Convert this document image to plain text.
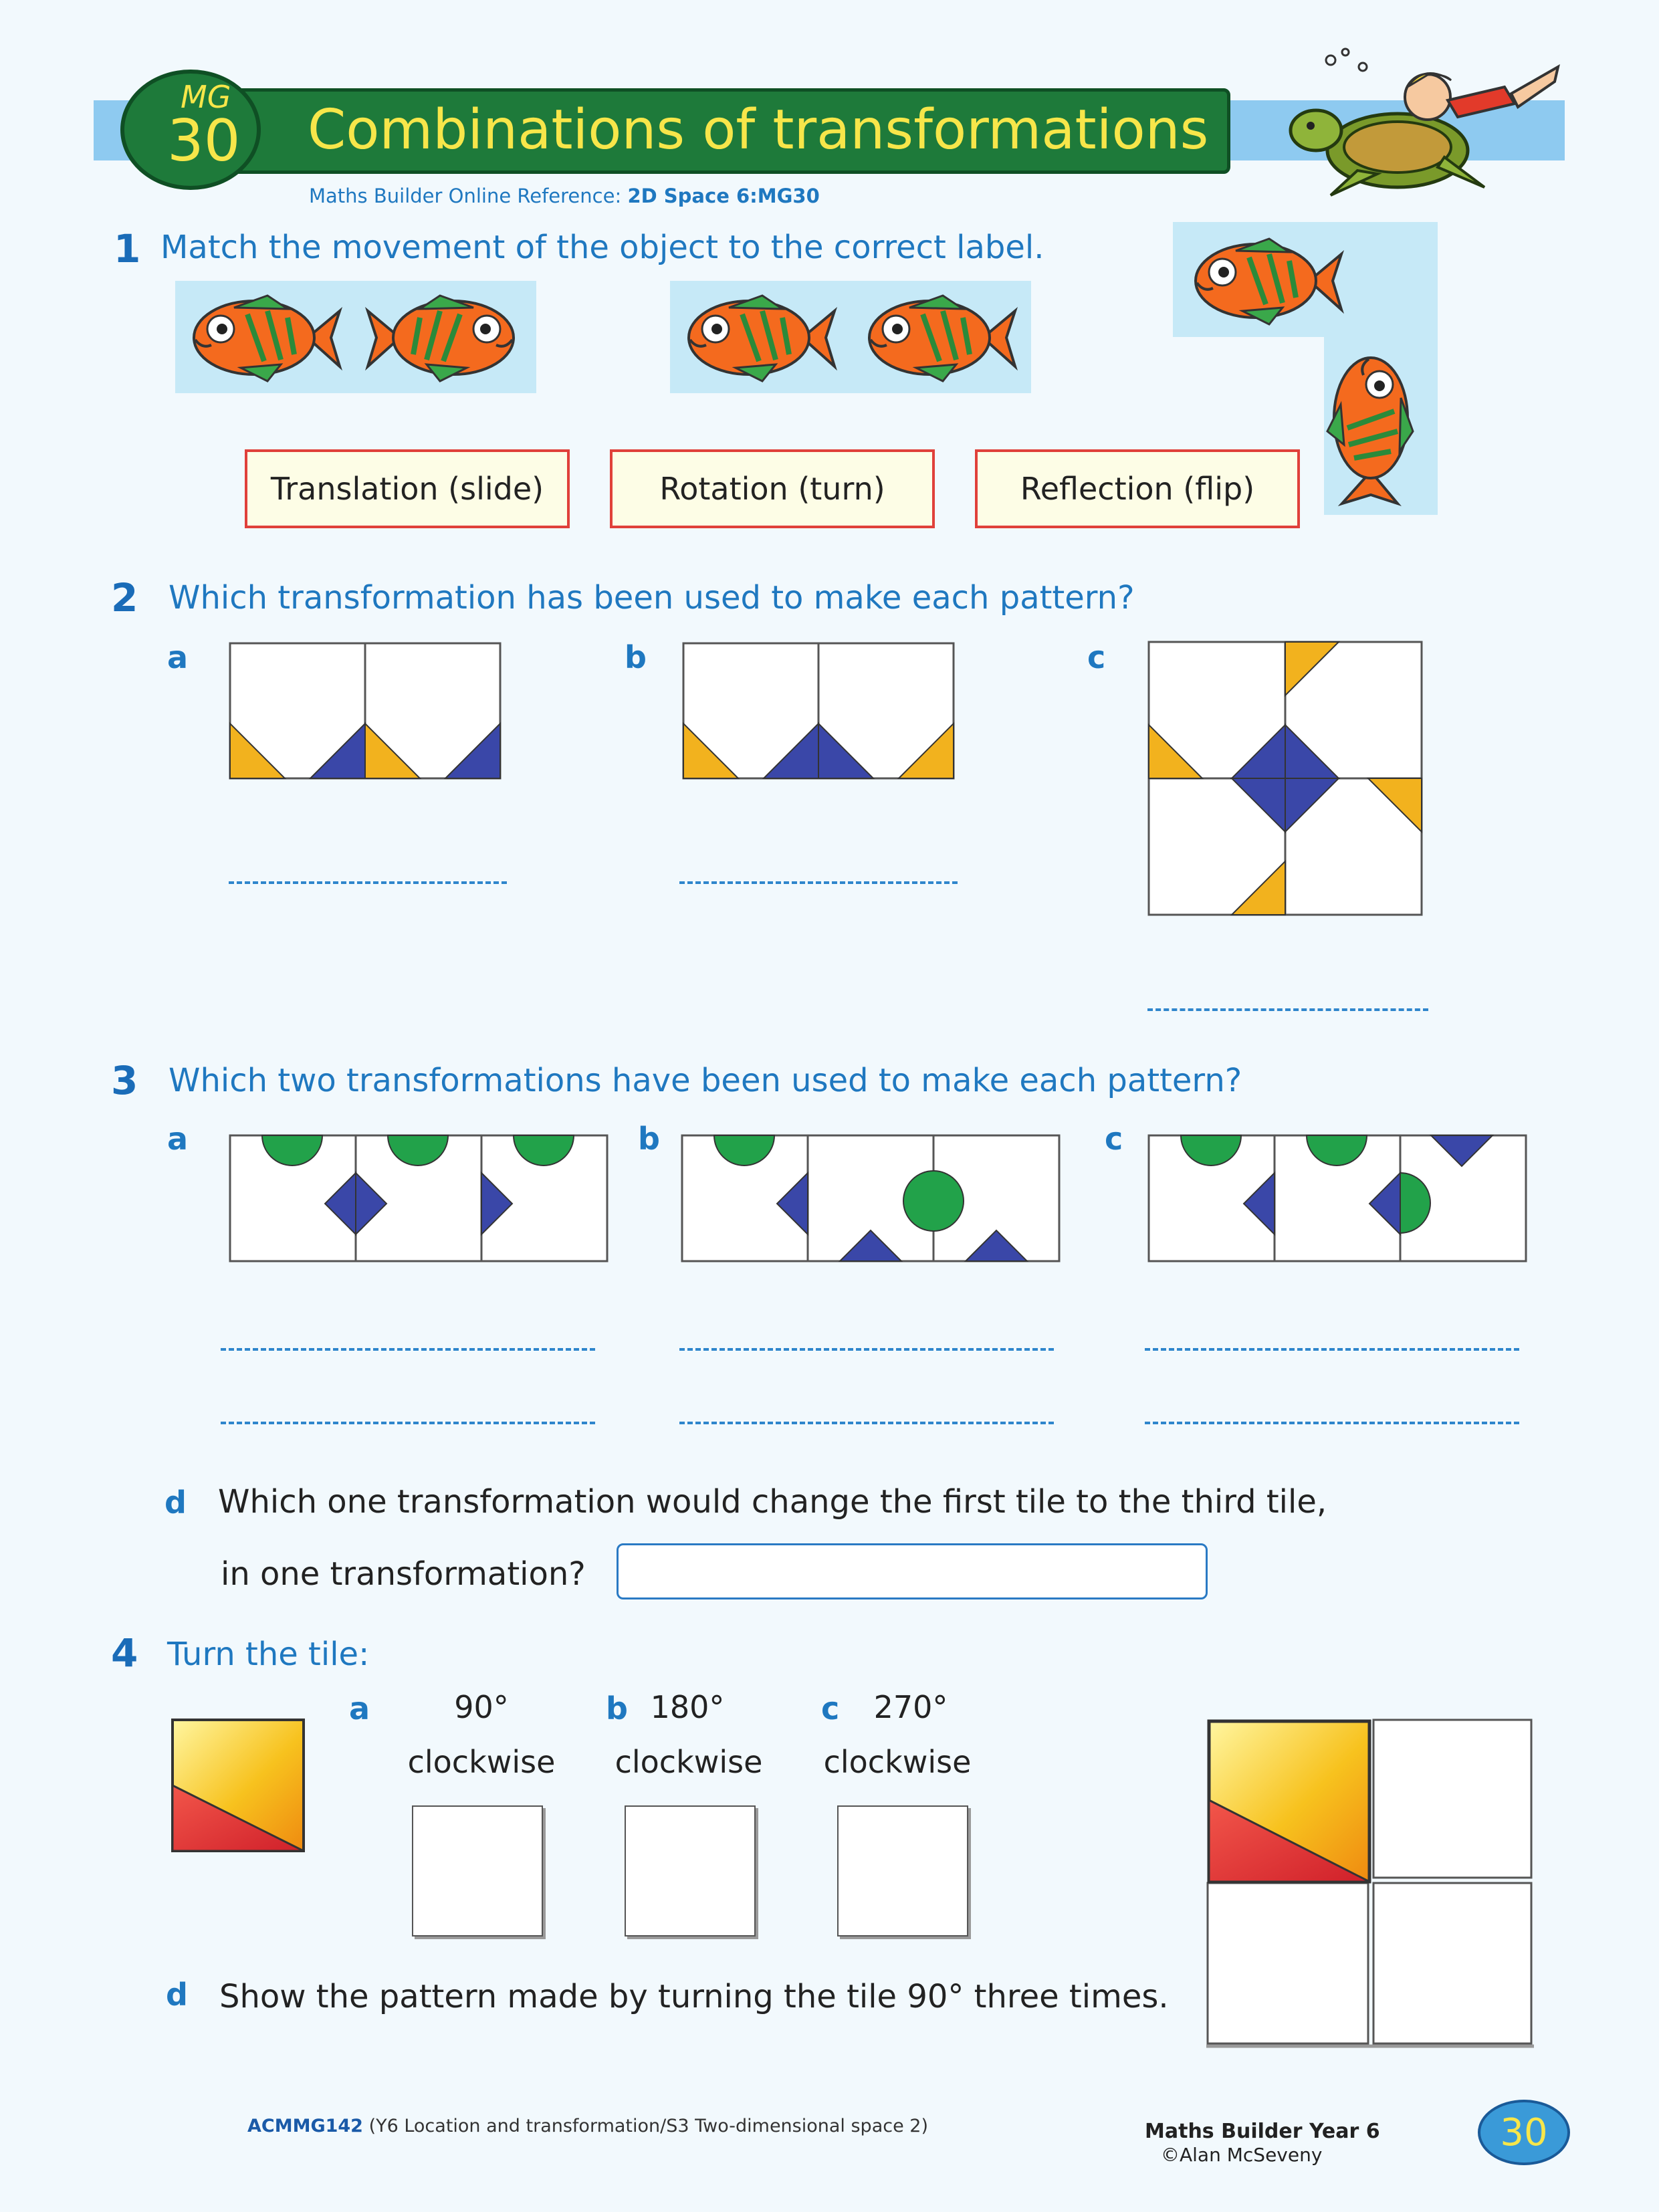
MG
30 Combinations of transformations
Maths Builder Online Reference: 2D Space 6:MG30
1 Match the movement of the object to the correct label.
Translation (slide)	Rotation (turn)	Reflection (flip)
2 Which transformation has been used to make each pattern?
a	b	c
3 Which two transformations have been used to make each pattern?
a	b	c
d Which one transformation would change the first tile to the third tile,
in one transformation?
4 Turn the tile:
a	90°
clockwise
b 180°
clockwise
c	270°
clockwise
d Show the pattern made by turning the tile 90° three times.
ACMMG142 (Y6 Location and transformation/S3 Two-dimensional space 2)	Maths Builder Year 6
©Alan McSeveny
30
